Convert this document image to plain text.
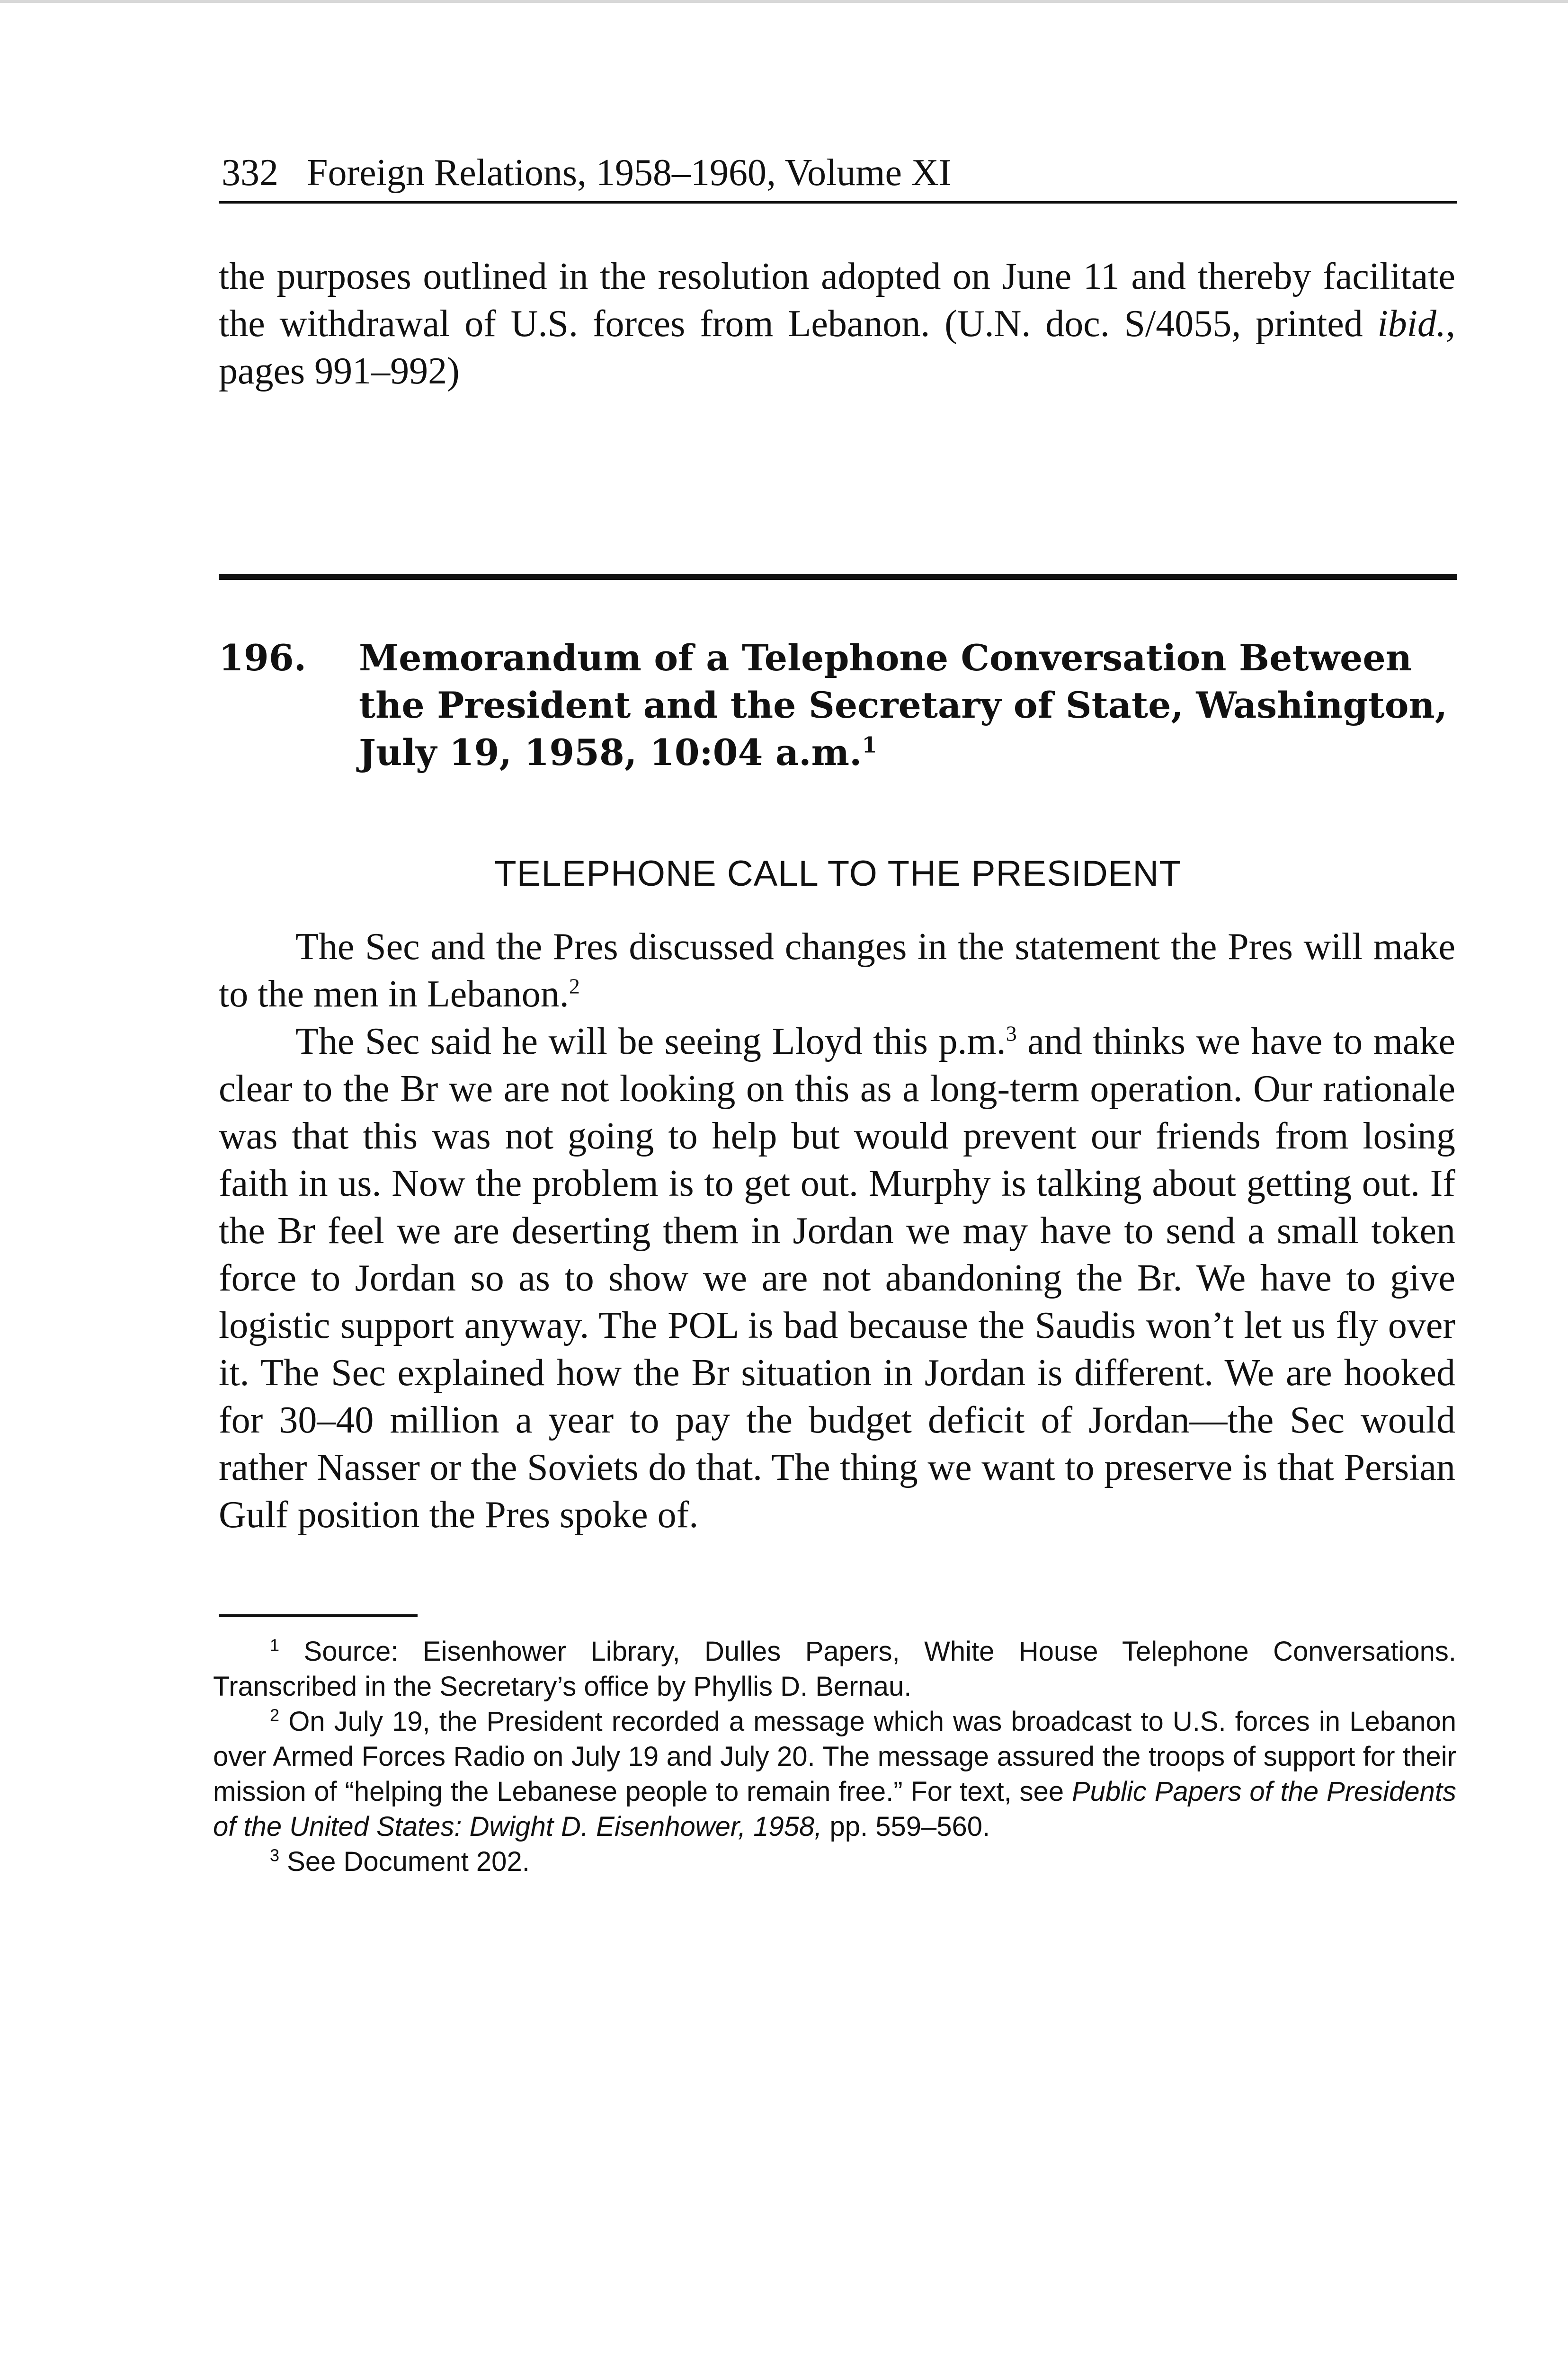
332 Foreign Relations, 1958–1960, Volume XI
the purposes outlined in the resolution adopted on June 11 and thereby facilitate the withdrawal of U.S. forces from Lebanon. (U.N. doc. S/4055, printed ibid., pages 991–992)
196. Memorandum of a Telephone Conversation Between the President and the Secretary of State, Washington, July 19, 1958, 10:04 a.m.$^1$
TELEPHONE CALL TO THE PRESIDENT

The Sec and the Pres discussed changes in the statement the Pres will make to the men in Lebanon.$^2$

The Sec said he will be seeing Lloyd this p.m.$^3$ and thinks we have to make clear to the Br we are not looking on this as a long-term operation. Our rationale was that this was not going to help but would prevent our friends from losing faith in us. Now the problem is to get out. Murphy is talking about getting out. If the Br feel we are deserting them in Jordan we may have to send a small token force to Jordan so as to show we are not abandoning the Br. We have to give logistic support anyway. The POL is bad because the Saudis won’t let us fly over it. The Sec explained how the Br situation in Jordan is different. We are hooked for 30–40 million a year to pay the budget deficit of Jordan—the Sec would rather Nasser or the Soviets do that. The thing we want to preserve is that Persian Gulf position the Pres spoke of.

$^1$ Source: Eisenhower Library, Dulles Papers, White House Telephone Conversations. Transcribed in the Secretary’s office by Phyllis D. Bernau.

$^2$ On July 19, the President recorded a message which was broadcast to U.S. forces in Lebanon over Armed Forces Radio on July 19 and July 20. The message assured the troops of support for their mission of “helping the Lebanese people to remain free.” For text, see Public Papers of the Presidents of the United States: Dwight D. Eisenhower, 1958, pp. 559–560.

$^3$ See Document 202.
